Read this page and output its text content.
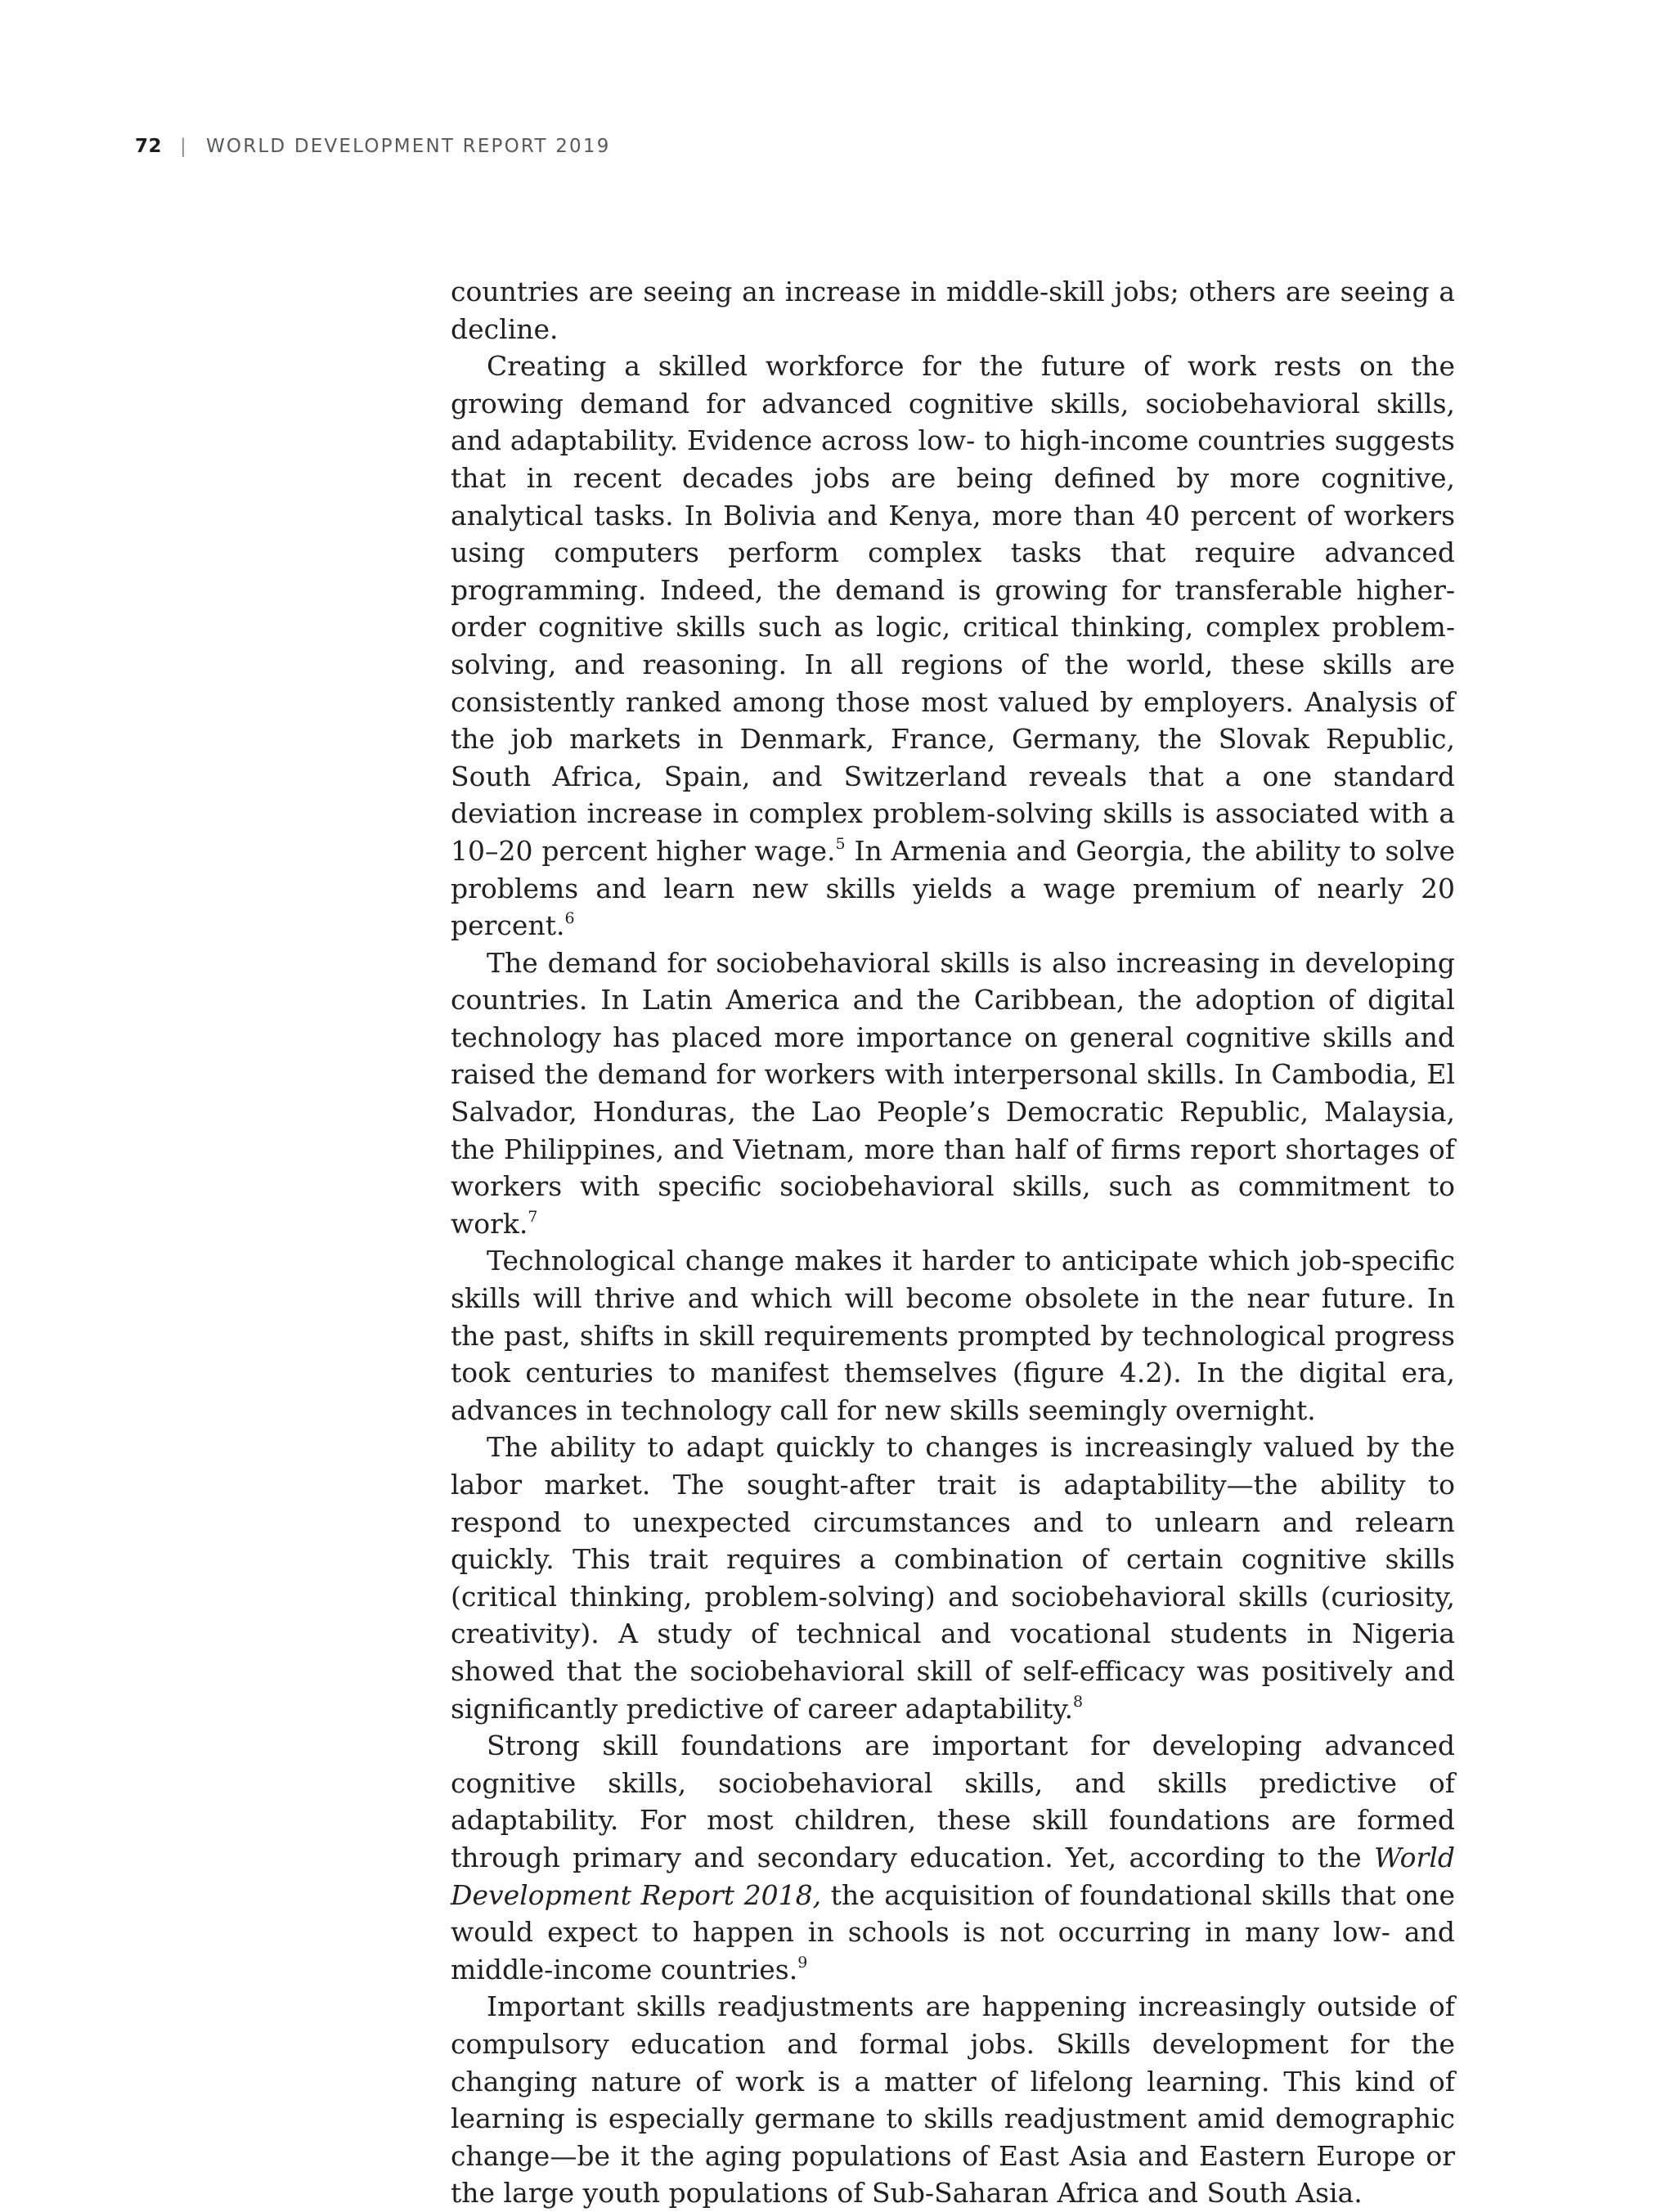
72 | WORLD DEVELOPMENT REPORT 2019

countries are seeing an increase in middle-skill jobs; others are seeing a decline.

Creating a skilled workforce for the future of work rests on the growing demand for advanced cognitive skills, sociobehavioral skills, and adaptability. Evidence across low- to high-income countries suggests that in recent decades jobs are being defined by more cognitive, analytical tasks. In Bolivia and Kenya, more than 40 percent of workers using computers perform complex tasks that require advanced programming. Indeed, the demand is growing for transferable higher-order cognitive skills such as logic, critical thinking, complex problem-solving, and reasoning. In all regions of the world, these skills are consistently ranked among those most valued by employers. Analysis of the job markets in Denmark, France, Germany, the Slovak Republic, South Africa, Spain, and Switzerland reveals that a one standard deviation increase in complex problem-solving skills is associated with a 10–20 percent higher wage.$^5$ In Armenia and Georgia, the ability to solve problems and learn new skills yields a wage premium of nearly 20 percent.$^6$

The demand for sociobehavioral skills is also increasing in developing countries. In Latin America and the Caribbean, the adoption of digital technology has placed more importance on general cognitive skills and raised the demand for workers with interpersonal skills. In Cambodia, El Salvador, Honduras, the Lao People’s Democratic Republic, Malaysia, the Philippines, and Vietnam, more than half of firms report shortages of workers with specific sociobehavioral skills, such as commitment to work.$^7$

Technological change makes it harder to anticipate which job-specific skills will thrive and which will become obsolete in the near future. In the past, shifts in skill requirements prompted by technological progress took centuries to manifest themselves (figure 4.2). In the digital era, advances in technology call for new skills seemingly overnight.

The ability to adapt quickly to changes is increasingly valued by the labor market. The sought-after trait is adaptability—the ability to respond to unexpected circumstances and to unlearn and relearn quickly. This trait requires a combination of certain cognitive skills (critical thinking, problem-solving) and sociobehavioral skills (curiosity, creativity). A study of technical and vocational students in Nigeria showed that the sociobehavioral skill of self-efficacy was positively and significantly predictive of career adaptability.$^8$

Strong skill foundations are important for developing advanced cognitive skills, sociobehavioral skills, and skills predictive of adaptability. For most children, these skill foundations are formed through primary and secondary education. Yet, according to the World Development Report 2018, the acquisition of foundational skills that one would expect to happen in schools is not occurring in many low- and middle-income countries.$^9$

Important skills readjustments are happening increasingly outside of compulsory education and formal jobs. Skills development for the changing nature of work is a matter of lifelong learning. This kind of learning is especially germane to skills readjustment amid demographic change—be it the aging populations of East Asia and Eastern Europe or the large youth populations of Sub-Saharan Africa and South Asia.
